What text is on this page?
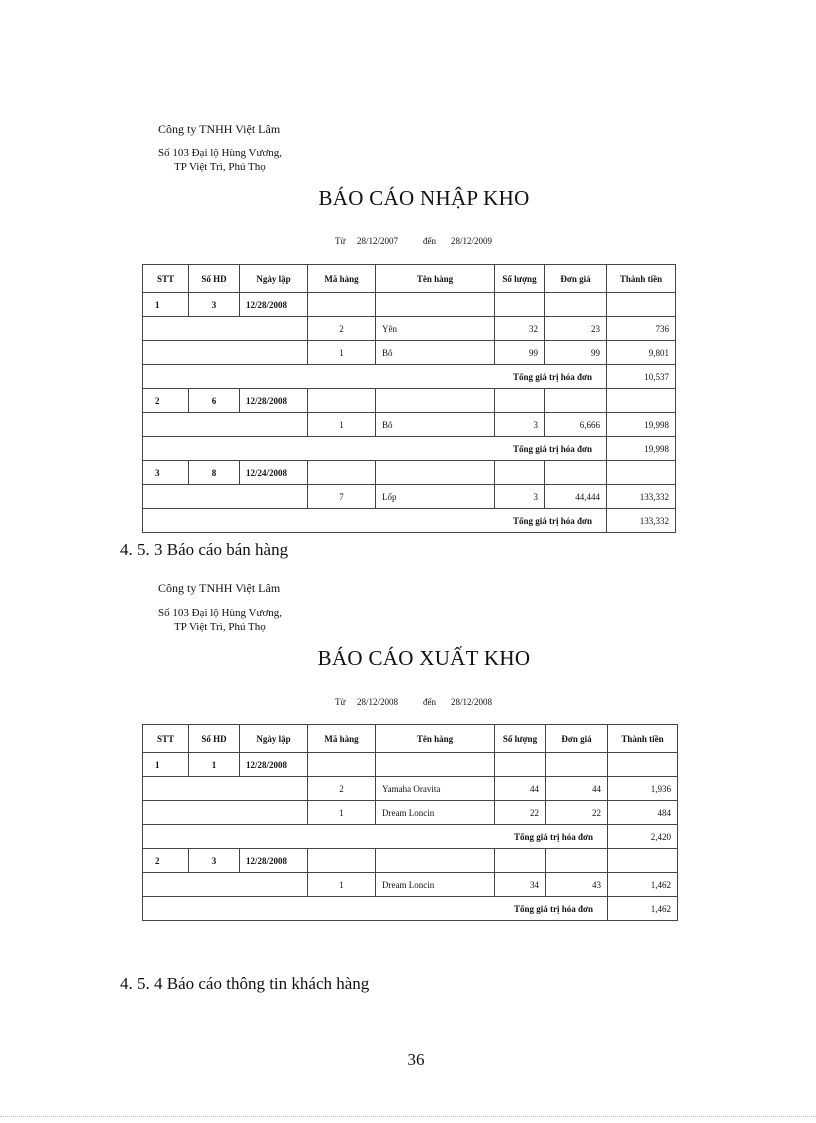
Công ty TNHH Việt Lâm
Số 103 Đại lộ Hùng Vương,
TP Việt Trì, Phú Thọ
BÁO CÁO NHẬP KHO
Từ 28/12/2007	đến 28/12/2009
STT	Số HD	Ngày lập	Mã hàng	Tên hàng	Số lượng	Đơn giá	Thành tiền
1	3	12/28/2008					
			2	Yên	32	23	736
			1	Bô	99	99	9,801
Tổng giá trị hóa đơn							10,537
2	6	12/28/2008					
			1	Bô	3	6,666	19,998
Tổng giá trị hóa đơn							19,998
3	8	12/24/2008					
			7	Lốp	3	44,444	133,332
Tổng giá trị hóa đơn							133,332
4. 5. 3 Báo cáo bán hàng
Công ty TNHH Việt Lâm
Số 103 Đại lộ Hùng Vương,
TP Việt Trì, Phú Thọ
BÁO CÁO XUẤT KHO
Từ 28/12/2008	đến 28/12/2008
STT	Số HD	Ngày lập	Mã hàng	Tên hàng	Số lượng	Đơn giá	Thành tiền
1	1	12/28/2008					
			2	Yamaha Oravita	44	44	1,936
			1	Dream Loncin	22	22	484
Tổng giá trị hóa đơn							2,420
2	3	12/28/2008					
			1	Dream Loncin	34	43	1,462
Tổng giá trị hóa đơn							1,462
4. 5. 4 Báo cáo thông tin khách hàng
36
